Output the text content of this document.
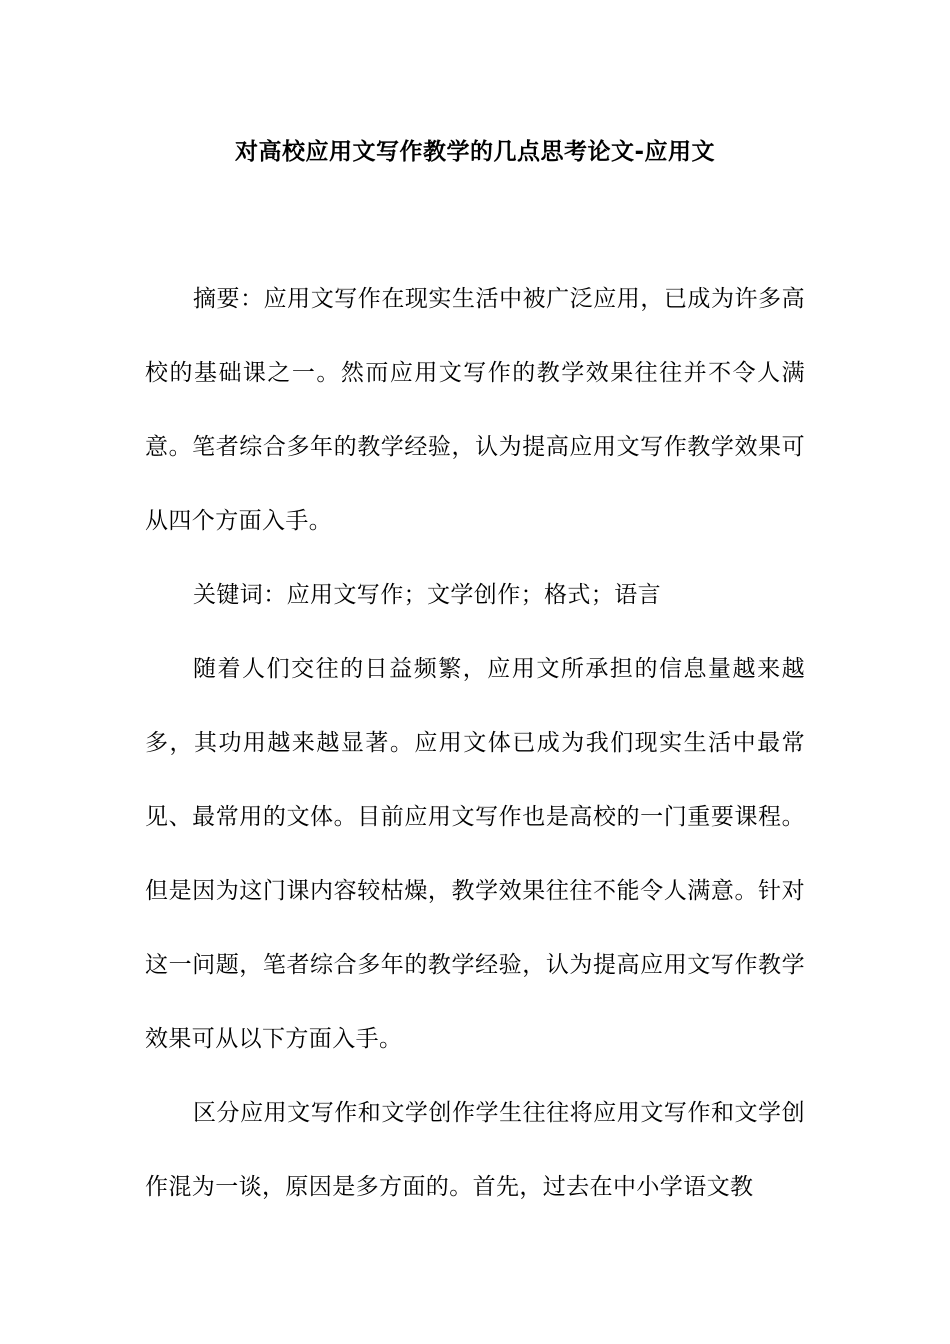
对高校应用文写作教学的几点思考论文-应用文

摘要：应用文写作在现实生活中被广泛应用，已成为许多高校的基础课之一。然而应用文写作的教学效果往往并不令人满意。笔者综合多年的教学经验，认为提高应用文写作教学效果可从四个方面入手。

关键词：应用文写作；文学创作；格式；语言

随着人们交往的日益频繁，应用文所承担的信息量越来越多，其功用越来越显著。应用文体已成为我们现实生活中最常见、最常用的文体。目前应用文写作也是高校的一门重要课程。但是因为这门课内容较枯燥，教学效果往往不能令人满意。针对这一问题，笔者综合多年的教学经验，认为提高应用文写作教学效果可从以下方面入手。

区分应用文写作和文学创作学生往往将应用文写作和文学创作混为一谈，原因是多方面的。首先，过去在中小学语文教
